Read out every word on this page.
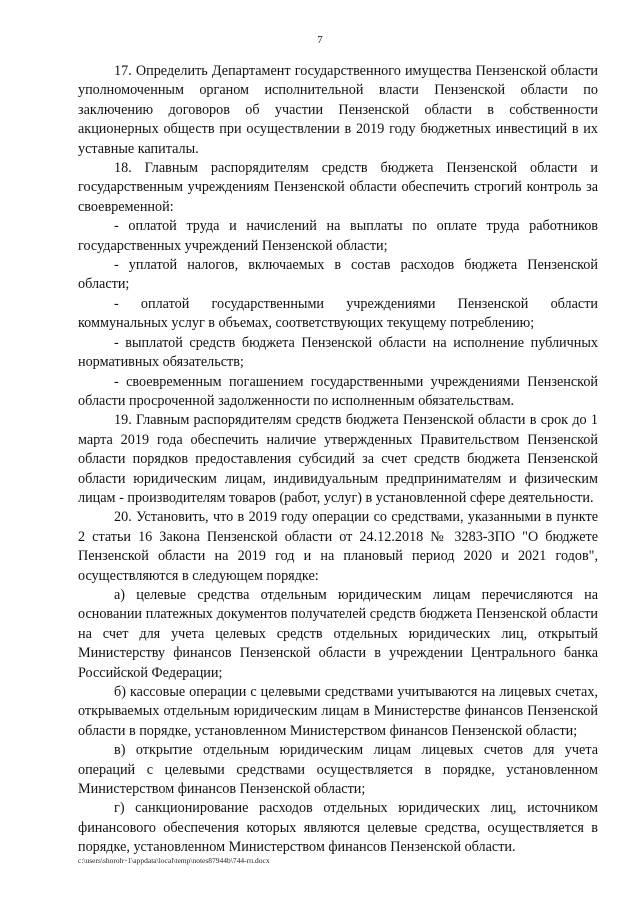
7

17. Определить Департамент государственного имущества Пензенской области уполномоченным органом исполнительной власти Пензенской области по заключению договоров об участии Пензенской области в собственности акционерных обществ при осуществлении в 2019 году бюджетных инвестиций в их уставные капиталы.

18. Главным распорядителям средств бюджета Пензенской области и государственным учреждениям Пензенской области обеспечить строгий контроль за своевременной:

- оплатой труда и начислений на выплаты по оплате труда работников государственных учреждений Пензенской области;

- уплатой налогов, включаемых в состав расходов бюджета Пензенской области;

- оплатой государственными учреждениями Пензенской области коммунальных услуг в объемах, соответствующих текущему потреблению;

- выплатой средств бюджета Пензенской области на исполнение публичных нормативных обязательств;

- своевременным погашением государственными учреждениями Пензенской области просроченной задолженности по исполненным обязательствам.

19. Главным распорядителям средств бюджета Пензенской области в срок до 1 марта 2019 года обеспечить наличие утвержденных Правительством Пензенской области порядков предоставления субсидий за счет средств бюджета Пензенской области юридическим лицам, индивидуальным предпринимателям и физическим лицам - производителям товаров (работ, услуг) в установленной сфере деятельности.

20. Установить, что в 2019 году операции со средствами, указанными в пункте 2 статьи 16 Закона Пензенской области от 24.12.2018 № 3283-ЗПО "О бюджете Пензенской области на 2019 год и на плановый период 2020 и 2021 годов", осуществляются в следующем порядке:

а) целевые средства отдельным юридическим лицам перечисляются на основании платежных документов получателей средств бюджета Пензенской области на счет для учета целевых средств отдельных юридических лиц, открытый Министерству финансов Пензенской области в учреждении Центрального банка Российской Федерации;

б) кассовые операции с целевыми средствами учитываются на лицевых счетах, открываемых отдельным юридическим лицам в Министерстве финансов Пензенской области в порядке, установленном Министерством финансов Пензенской области;

в) открытие отдельным юридическим лицам лицевых счетов для учета операций с целевыми средствами осуществляется в порядке, установленном Министерством финансов Пензенской области;

г) санкционирование расходов отдельных юридических лиц, источником финансового обеспечения которых являются целевые средства, осуществляется в порядке, установленном Министерством финансов Пензенской области.

c:\users\shoroh~1\appdata\local\temp\notes87944b\744-rп.docx
